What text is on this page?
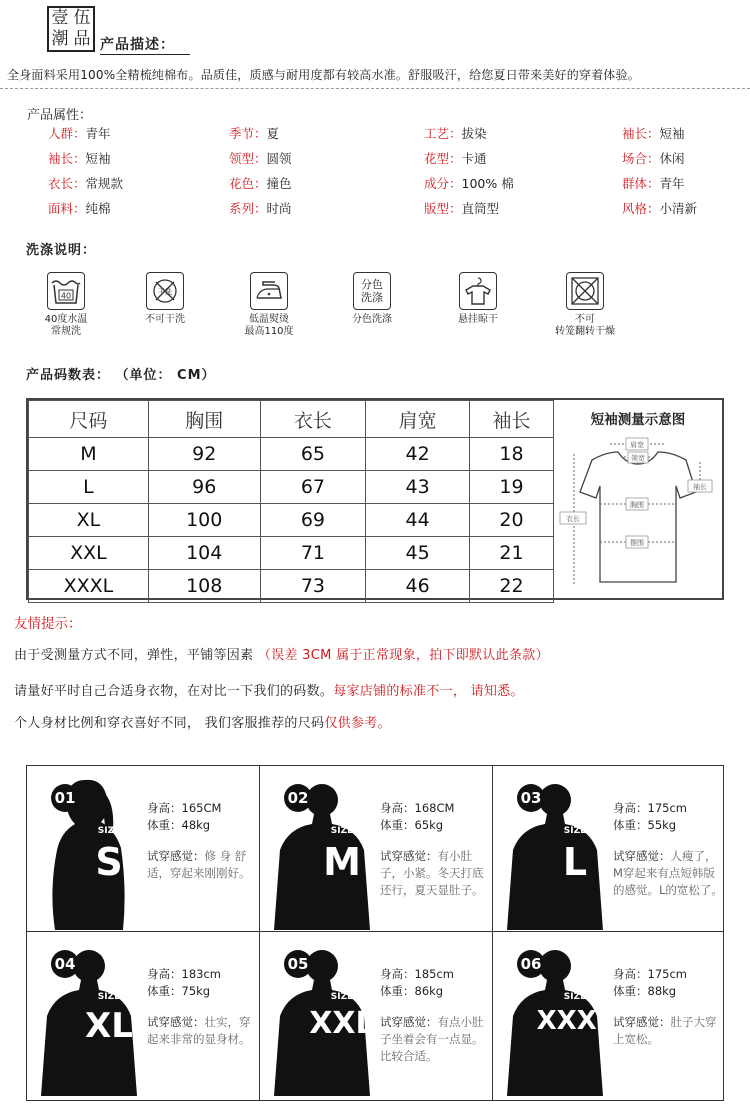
壹 伍
潮 品 产品描述：
全身面料采用100%全精梳纯棉布。品质佳，质感与耐用度都有较高水准。舒服吸汗，给您夏日带来美好的穿着体验。
产品属性：
人群：青年	季节：夏	工艺：拔染	袖长：短袖
袖长：短袖	领型：圆领	花型：卡通	场合：休闲
衣长：常规款	花色：撞色	成分：100% 棉	群体：青年
面料：纯棉	系列：时尚	版型：直筒型	风格：小清新
洗涤说明：
40
40度水温
常规洗
干洗
不可干洗	低温熨烫
最高110度
分色
洗涤
分色洗涤	悬挂晾干	不可
转笼翻转干燥
产品码数表： （单位： CM）
尺码	胸围	衣长	肩宽	袖长
M	92	65	42	18
L	96	67	43	19
XL	100	69	44	20
XXL	104	71	45	21
XXXL	108	73	46	22
短袖测量示意图
肩宽
领宽
袖长
胸围
衣长
摆围
友情提示：
由于受测量方式不同，弹性，平铺等因素 （误差 3CM 属于正常现象，拍下即默认此条款）
请量好平时自己合适身衣物，在对比一下我们的码数。每家店铺的标准不一， 请知悉。
个人身材比例和穿衣喜好不同， 我们客服推荐的尺码仅供参考。
01
SIZE
S
身高：165CM
体重：48kg
试穿感觉：修 身 舒适，穿起来刚刚好。
02
SIZE
M
身高：168CM
体重：65kg
试穿感觉：有小肚子，小紧。冬天打底还行，夏天显肚子。
03
SIZE
L
身高：175cm
体重：55kg
试穿感觉：人瘦了，M穿起来有点短韩版的感觉。L的宽松了。
04
SIZE
XL
身高：183cm
体重：75kg
试穿感觉：壮实，穿起来非常的显身材。
05
SIZE
XXL
身高：185cm
体重：86kg
试穿感觉：有点小肚子坐着会有一点显。比较合适。
06
SIZE
XXXL
身高：175cm
体重：88kg
试穿感觉：肚子大穿上宽松。
